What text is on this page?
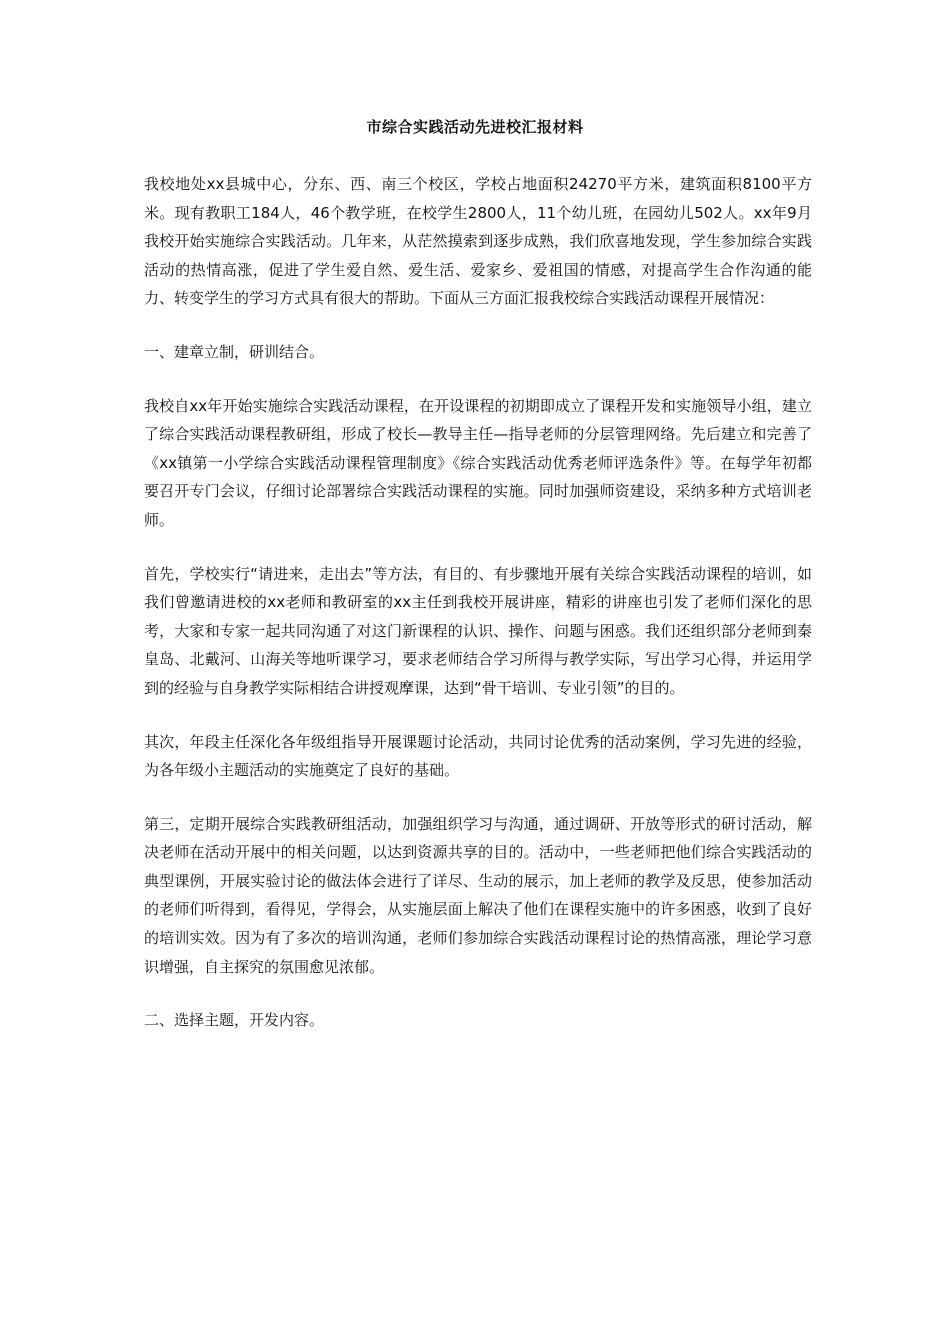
市综合实践活动先进校汇报材料

我校地处xx县城中心，分东、西、南三个校区，学校占地面积24270平方米，建筑面积8100平方米。现有教职工184人，46个教学班，在校学生2800人，11个幼儿班，在园幼儿502人。xx年9月我校开始实施综合实践活动。几年来，从茫然摸索到逐步成熟，我们欣喜地发现，学生参加综合实践活动的热情高涨，促进了学生爱自然、爱生活、爱家乡、爱祖国的情感，对提高学生合作沟通的能力、转变学生的学习方式具有很大的帮助。下面从三方面汇报我校综合实践活动课程开展情况：

一、建章立制，研训结合。

我校自xx年开始实施综合实践活动课程，在开设课程的初期即成立了课程开发和实施领导小组，建立了综合实践活动课程教研组，形成了校长—教导主任—指导老师的分层管理网络。先后建立和完善了《xx镇第一小学综合实践活动课程管理制度》《综合实践活动优秀老师评选条件》等。在每学年初都要召开专门会议，仔细讨论部署综合实践活动课程的实施。同时加强师资建设，采纳多种方式培训老师。

首先，学校实行“请进来，走出去”等方法，有目的、有步骤地开展有关综合实践活动课程的培训，如我们曾邀请进校的xx老师和教研室的xx主任到我校开展讲座，精彩的讲座也引发了老师们深化的思考，大家和专家一起共同沟通了对这门新课程的认识、操作、问题与困惑。我们还组织部分老师到秦皇岛、北戴河、山海关等地听课学习，要求老师结合学习所得与教学实际，写出学习心得，并运用学到的经验与自身教学实际相结合讲授观摩课，达到“骨干培训、专业引领”的目的。

其次，年段主任深化各年级组指导开展课题讨论活动，共同讨论优秀的活动案例，学习先进的经验，为各年级小主题活动的实施奠定了良好的基础。

第三，定期开展综合实践教研组活动，加强组织学习与沟通，通过调研、开放等形式的研讨活动，解决老师在活动开展中的相关问题，以达到资源共享的目的。活动中，一些老师把他们综合实践活动的典型课例，开展实验讨论的做法体会进行了详尽、生动的展示，加上老师的教学及反思，使参加活动的老师们听得到，看得见，学得会，从实施层面上解决了他们在课程实施中的许多困惑，收到了良好的培训实效。因为有了多次的培训沟通，老师们参加综合实践活动课程讨论的热情高涨，理论学习意识增强，自主探究的氛围愈见浓郁。

二、选择主题，开发内容。
